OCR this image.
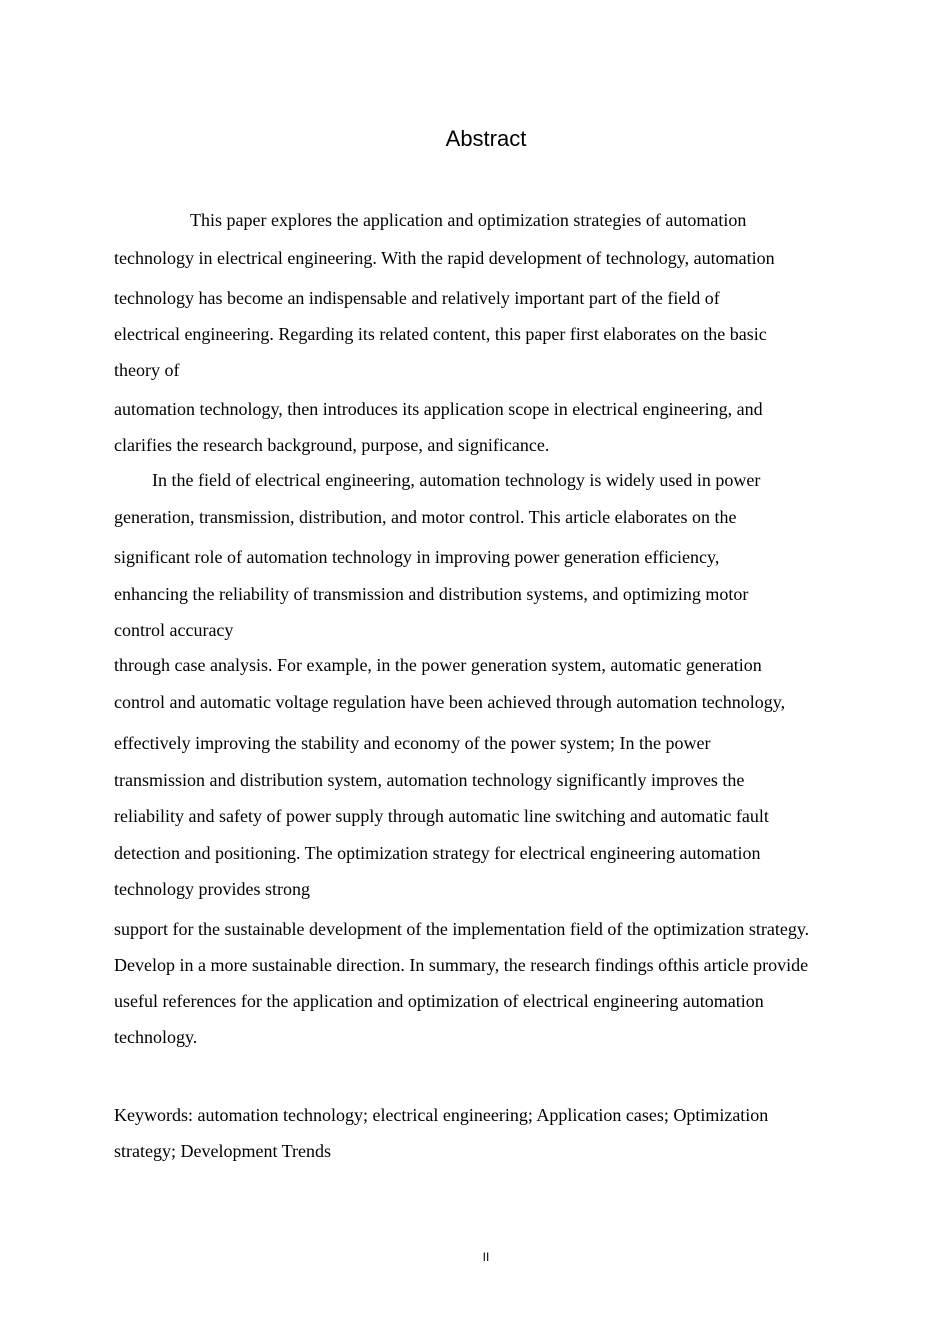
Abstract
This paper explores the application and optimization strategies of automation
technology in electrical engineering. With the rapid development of technology, automation
technology has become an indispensable and relatively important part of the field of
electrical engineering. Regarding its related content, this paper first elaborates on the basic
theory of
automation technology, then introduces its application scope in electrical engineering, and
clarifies the research background, purpose, and significance.
In the field of electrical engineering, automation technology is widely used in power
generation, transmission, distribution, and motor control. This article elaborates on the
significant role of automation technology in improving power generation efficiency,
enhancing the reliability of transmission and distribution systems, and optimizing motor
control accuracy
through case analysis. For example, in the power generation system, automatic generation
control and automatic voltage regulation have been achieved through automation technology,
effectively improving the stability and economy of the power system; In the power
transmission and distribution system, automation technology significantly improves the
reliability and safety of power supply through automatic line switching and automatic fault
detection and positioning. The optimization strategy for electrical engineering automation
technology provides strong
support for the sustainable development of the implementation field of the optimization strategy.
Develop in a more sustainable direction. In summary, the research findings ofthis article provide
useful references for the application and optimization of electrical engineering automation
technology.
Keywords: automation technology; electrical engineering; Application cases; Optimization
strategy; Development Trends
II
